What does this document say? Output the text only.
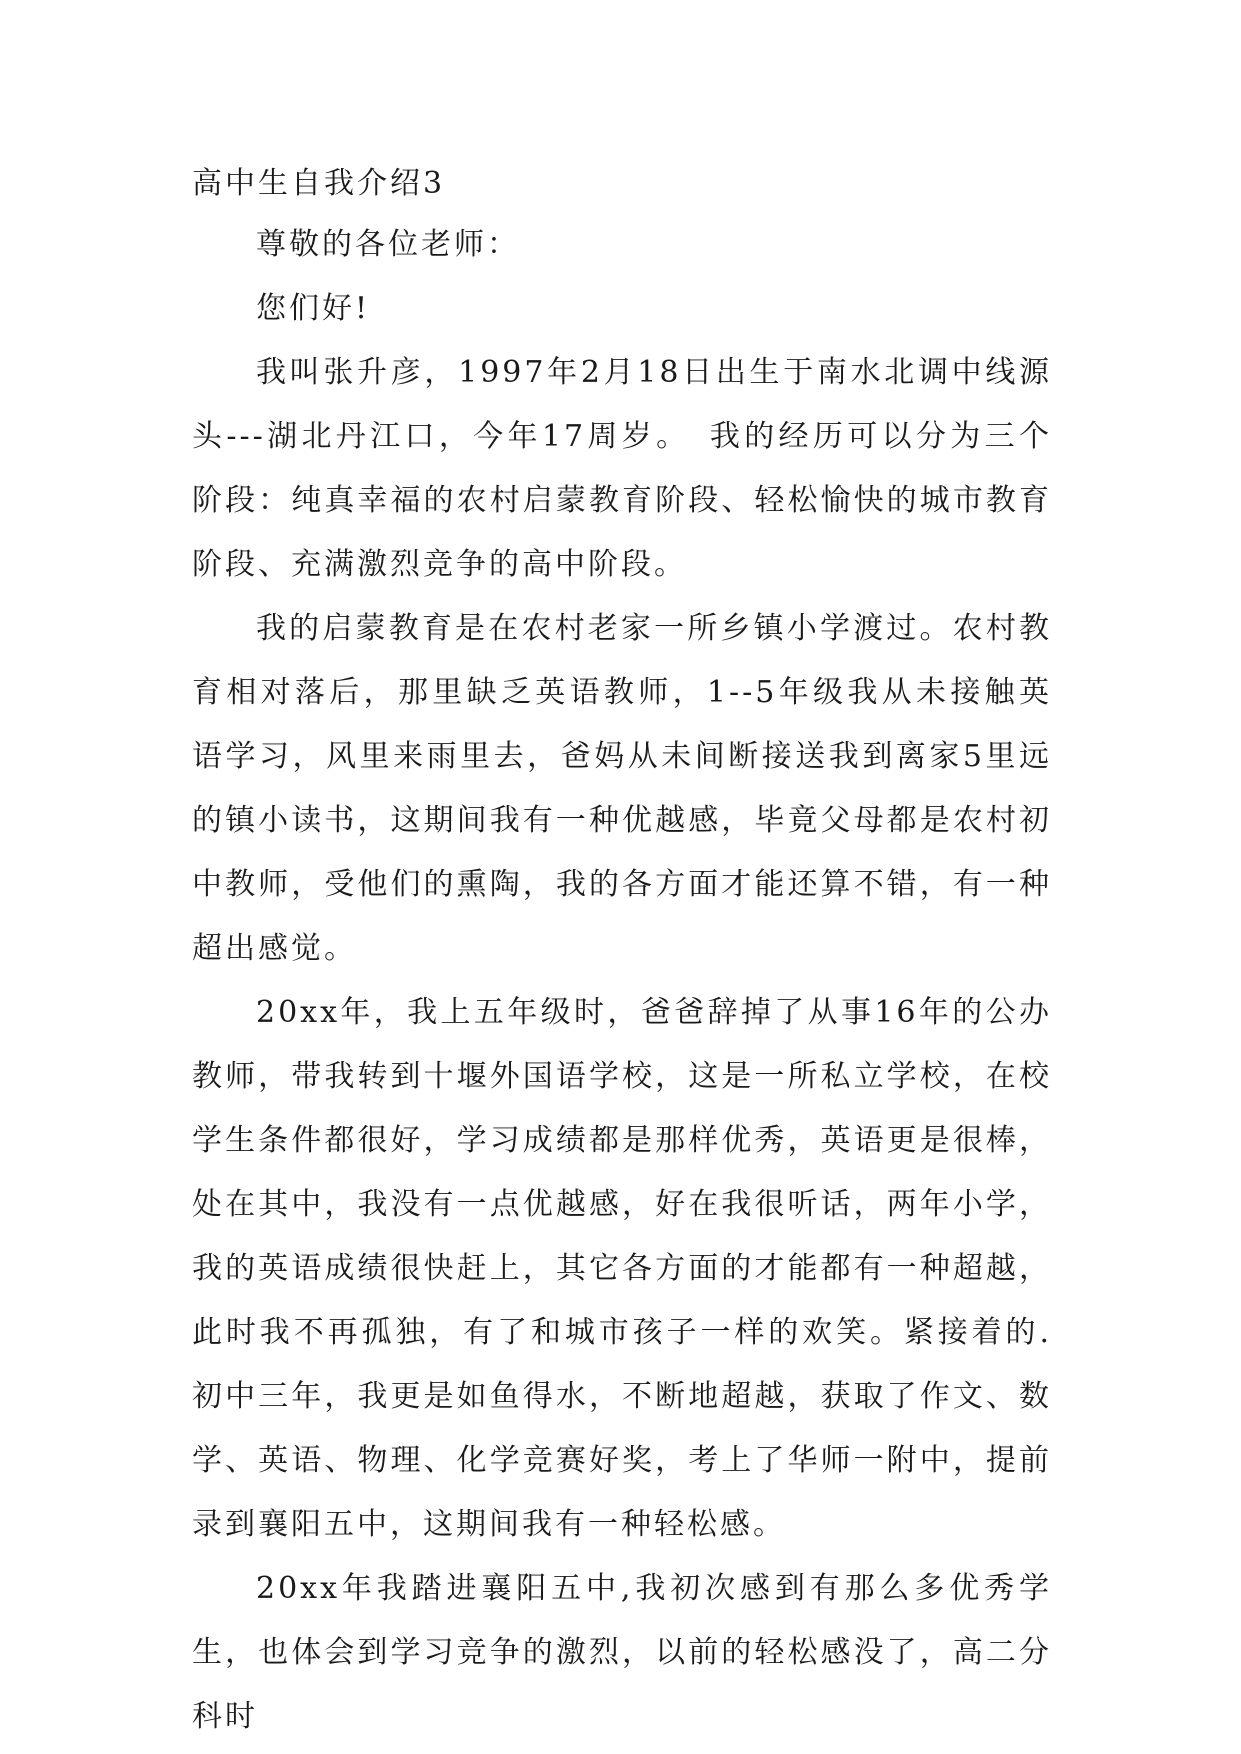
高中生自我介绍3

尊敬的各位老师：

您们好!

我叫张升彦，1997年2月18日出生于南水北调中线源头---湖北丹江口，今年17周岁。　我的经历可以分为三个阶段：纯真幸福的农村启蒙教育阶段、轻松愉快的城市教育阶段、充满激烈竞争的高中阶段。

我的启蒙教育是在农村老家一所乡镇小学渡过。农村教育相对落后，那里缺乏英语教师，1--5年级我从未接触英语学习，风里来雨里去，爸妈从未间断接送我到离家5里远的镇小读书，这期间我有一种优越感，毕竟父母都是农村初中教师，受他们的熏陶，我的各方面才能还算不错，有一种超出感觉。

20xx年，我上五年级时，爸爸辞掉了从事16年的公办教师，带我转到十堰外国语学校，这是一所私立学校，在校学生条件都很好，学习成绩都是那样优秀，英语更是很棒，处在其中，我没有一点优越感，好在我很听话，两年小学，我的英语成绩很快赶上，其它各方面的才能都有一种超越，此时我不再孤独，有了和城市孩子一样的欢笑。紧接着的.初中三年，我更是如鱼得水，不断地超越，获取了作文、数学、英语、物理、化学竞赛好奖，考上了华师一附中，提前录到襄阳五中，这期间我有一种轻松感。

20xx年我踏进襄阳五中,我初次感到有那么多优秀学生，也体会到学习竞争的激烈，以前的轻松感没了，高二分科时
